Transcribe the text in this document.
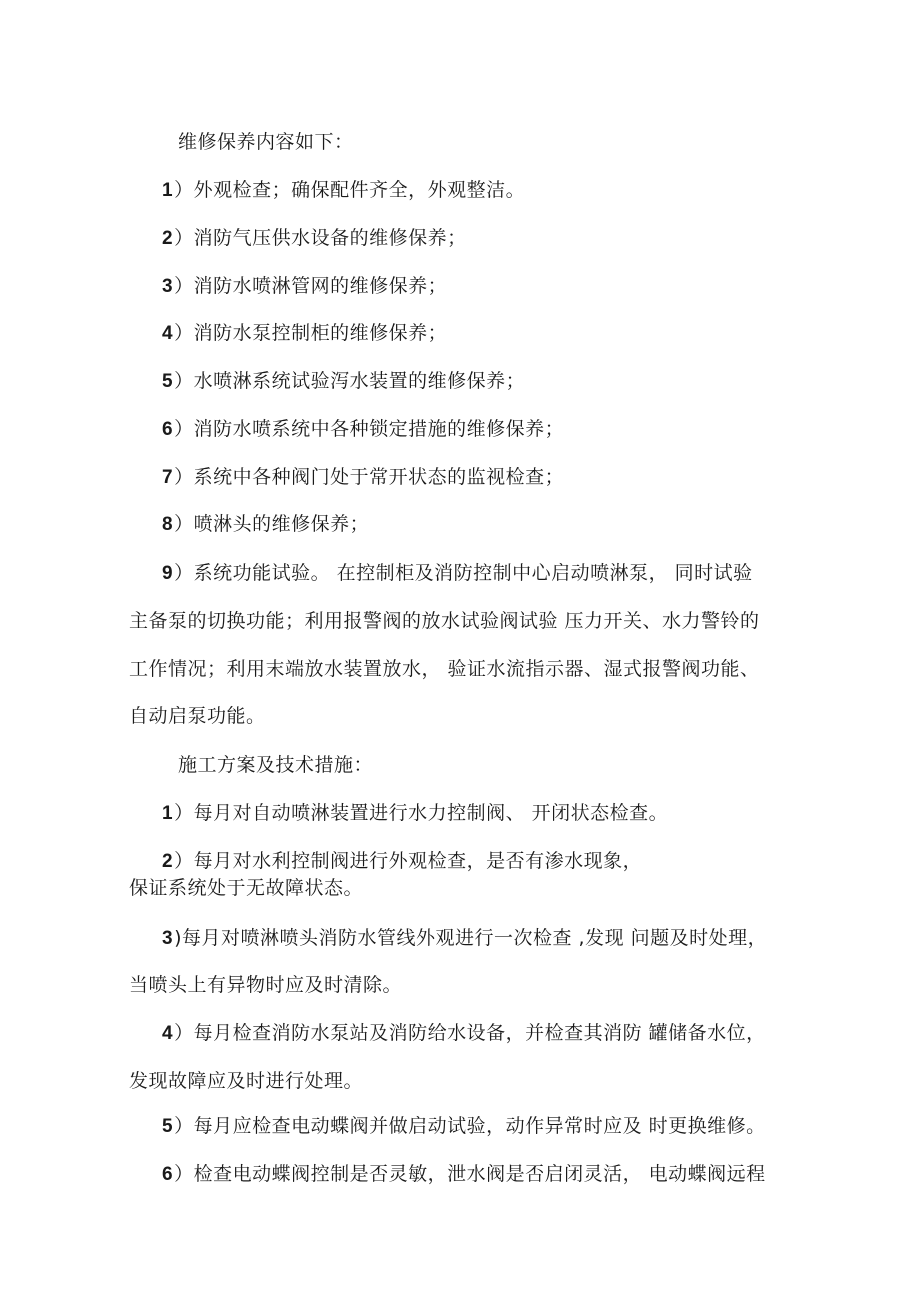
维修保养内容如下：
1）外观检查；确保配件齐全，外观整洁。
2）消防气压供水设备的维修保养；
3）消防水喷淋管网的维修保养；
4）消防水泵控制柜的维修保养；
5）水喷淋系统试验泻水装置的维修保养；
6）消防水喷系统中各种锁定措施的维修保养；
7）系统中各种阀门处于常开状态的监视检查；
8）喷淋头的维修保养；
9）系统功能试验。 在控制柜及消防控制中心启动喷淋泵， 同时试验
主备泵的切换功能；利用报警阀的放水试验阀试验 压力开关、水力警铃的
工作情况；利用末端放水装置放水， 验证水流指示器、湿式报警阀功能、
自动启泵功能。
施工方案及技术措施：
1）每月对自动喷淋装置进行水力控制阀、 开闭状态检查。
2）每月对水利控制阀进行外观检查，是否有渗水现象，
保证系统处于无故障状态。
3)每月对喷淋喷头消防水管线外观进行一次检查 ,发现 问题及时处理，
当喷头上有异物时应及时清除。
4）每月检查消防水泵站及消防给水设备，并检查其消防 罐储备水位，
发现故障应及时进行处理。
5）每月应检查电动蝶阀并做启动试验，动作异常时应及 时更换维修。
6）检查电动蝶阀控制是否灵敏，泄水阀是否启闭灵活， 电动蝶阀远程
